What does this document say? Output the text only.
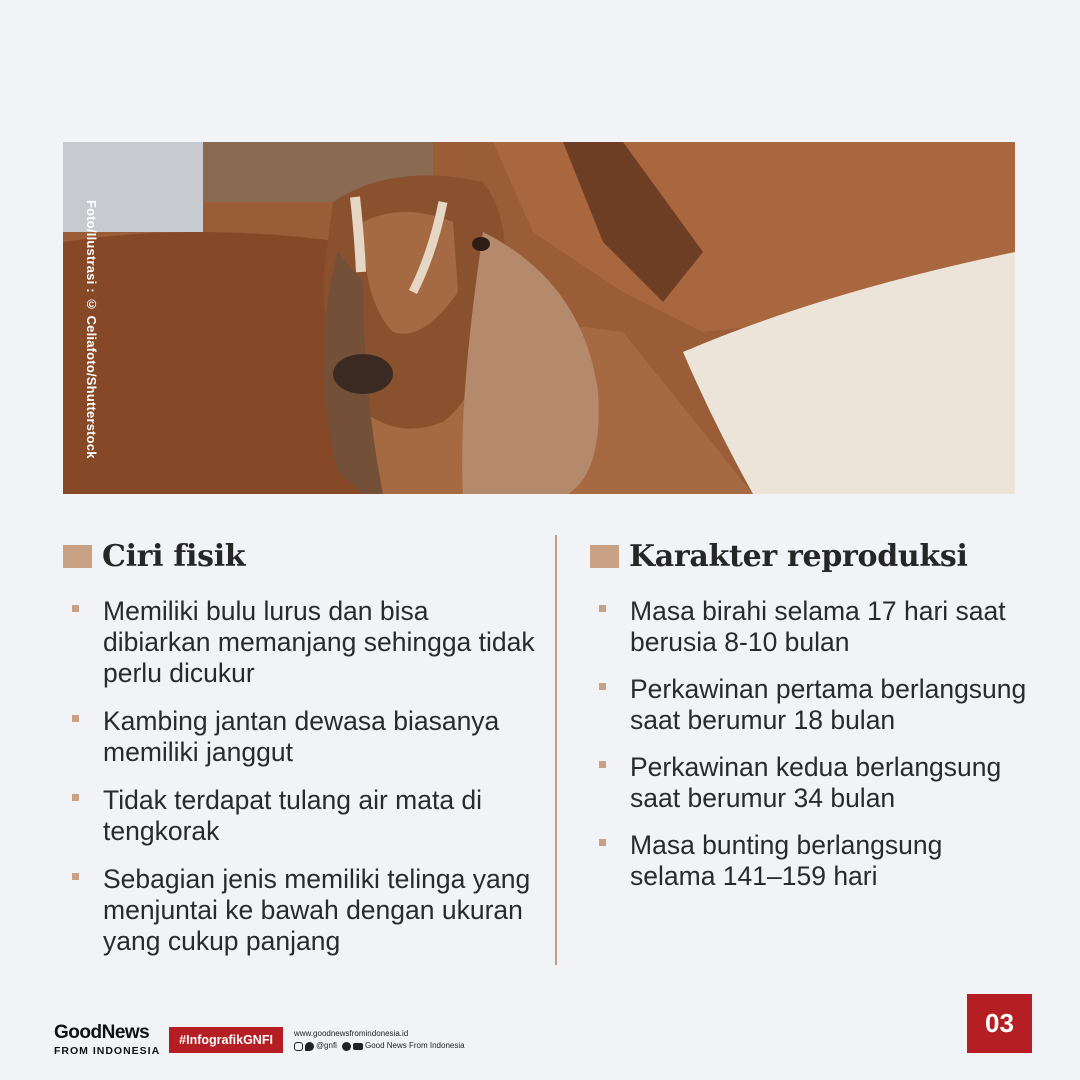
Foto/Ilustrasi : © Celiafoto/Shutterstock
Ciri fisik
Memiliki bulu lurus dan bisa dibiarkan memanjang sehingga tidak perlu dicukur
Kambing jantan dewasa biasanya memiliki janggut
Tidak terdapat tulang air mata di tengkorak
Sebagian jenis memiliki telinga yang menjuntai ke bawah dengan ukuran yang cukup panjang
Karakter reproduksi
Masa birahi selama 17 hari saat berusia 8-10 bulan
Perkawinan pertama berlangsung saat berumur 18 bulan
Perkawinan kedua berlangsung saat berumur 34 bulan
Masa bunting berlangsung selama 141–159 hari
GoodNews
FROM INDONESIA
#InfografikGNFI	www.goodnewsfromindonesia.id
@gnfi	Good News From Indonesia
03
